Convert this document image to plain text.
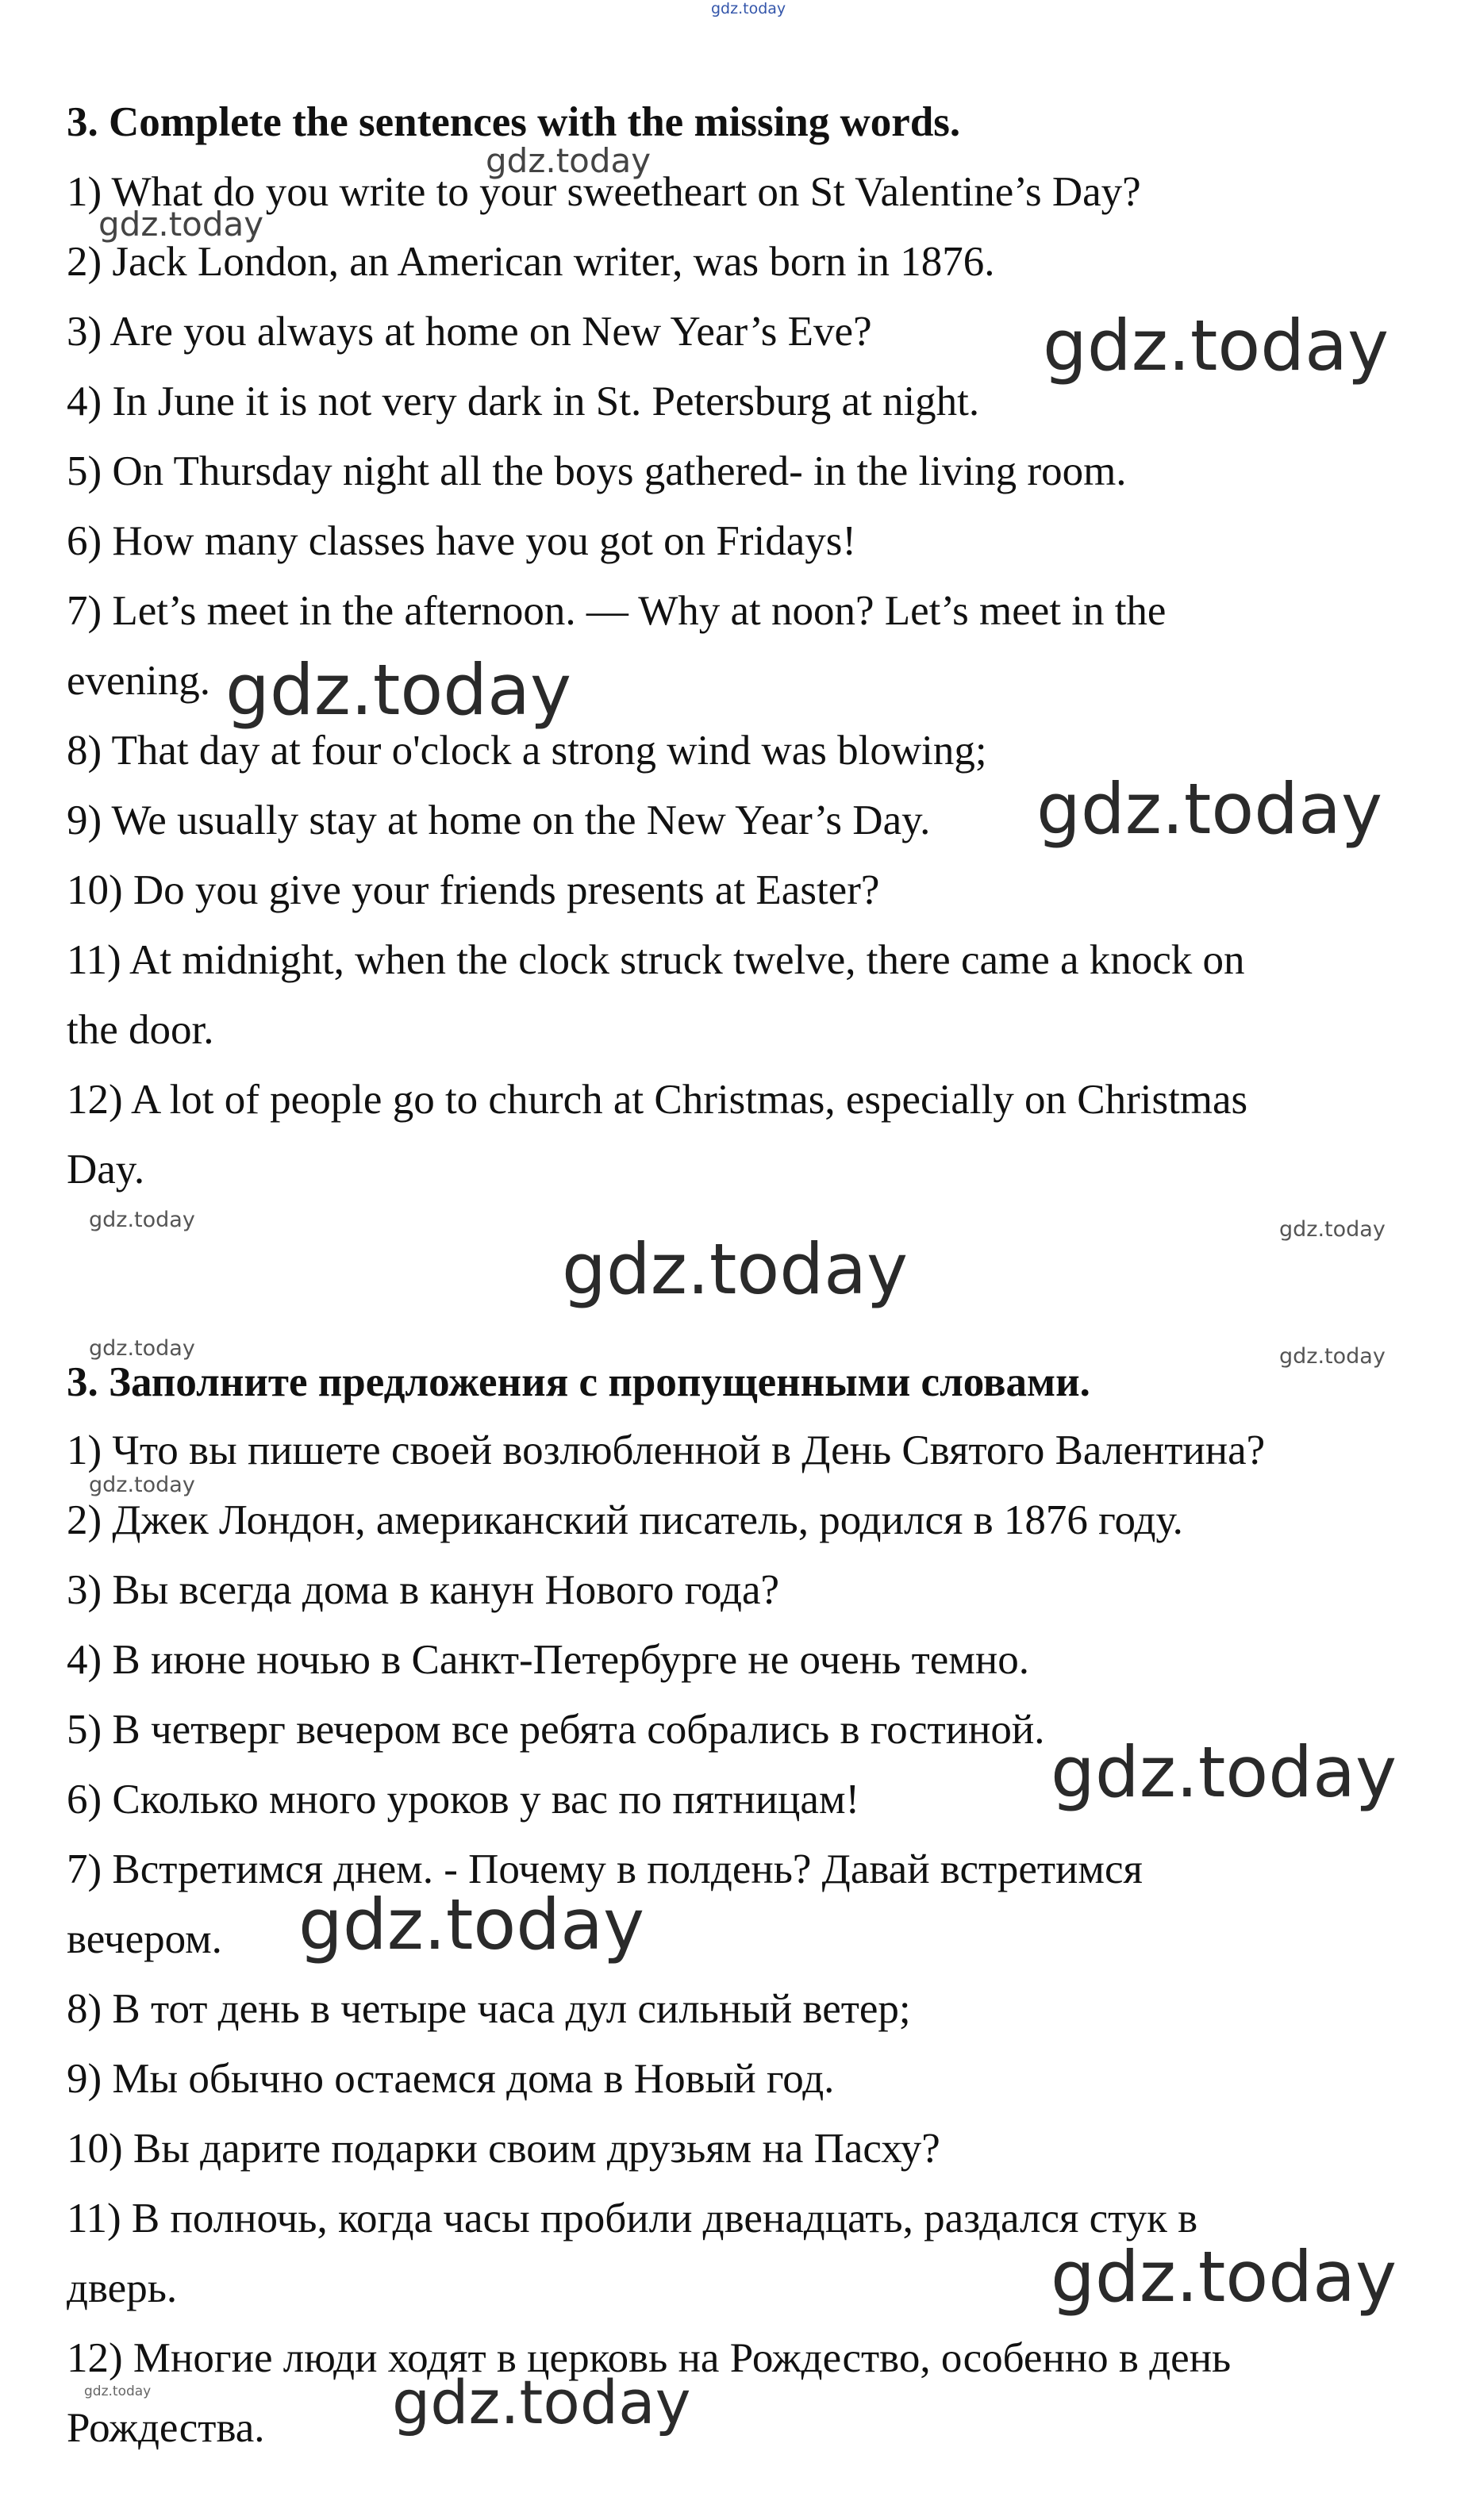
gdz.today
3. Complete the sentences with the missing words.
1) What do you write to your sweetheart on St Valentine’s Day?
2) Jack London, an American writer, was born in 1876.
3) Are you always at home on New Year’s Eve?
4) In June it is not very dark in St. Petersburg at night.
5) On Thursday night all the boys gathered- in the living room.
6) How many classes have you got on Fridays!
7) Let’s meet in the afternoon. — Why at noon? Let’s meet in the
evening.
8) That day at four o'clock a strong wind was blowing;
9) We usually stay at home on the New Year’s Day.
10) Do you give your friends presents at Easter?
11) At midnight, when the clock struck twelve, there came a knock on
the door.
12) A lot of people go to church at Christmas, especially on Christmas
Day.
3. Заполните предложения с пропущенными словами.
1) Что вы пишете своей возлюбленной в День Святого Валентина?
2) Джек Лондон, американский писатель, родился в 1876 году.
3) Вы всегда дома в канун Нового года?
4) В июне ночью в Санкт-Петербурге не очень темно.
5) В четверг вечером все ребята собрались в гостиной.
6) Сколько много уроков у вас по пятницам!
7) Встретимся днем. - Почему в полдень? Давай встретимся
вечером.
8) В тот день в четыре часа дул сильный ветер;
9) Мы обычно остаемся дома в Новый год.
10) Вы дарите подарки своим друзьям на Пасху?
11) В полночь, когда часы пробили двенадцать, раздался стук в
дверь.
12) Многие люди ходят в церковь на Рождество, особенно в день
Рождества.
gdz.today
gdz.today
gdz.today
gdz.today
gdz.today
gdz.today	gdz.today
gdz.today
gdz.today	gdz.today
gdz.today
gdz.today
gdz.today
gdz.today
gdz.today	gdz.today
